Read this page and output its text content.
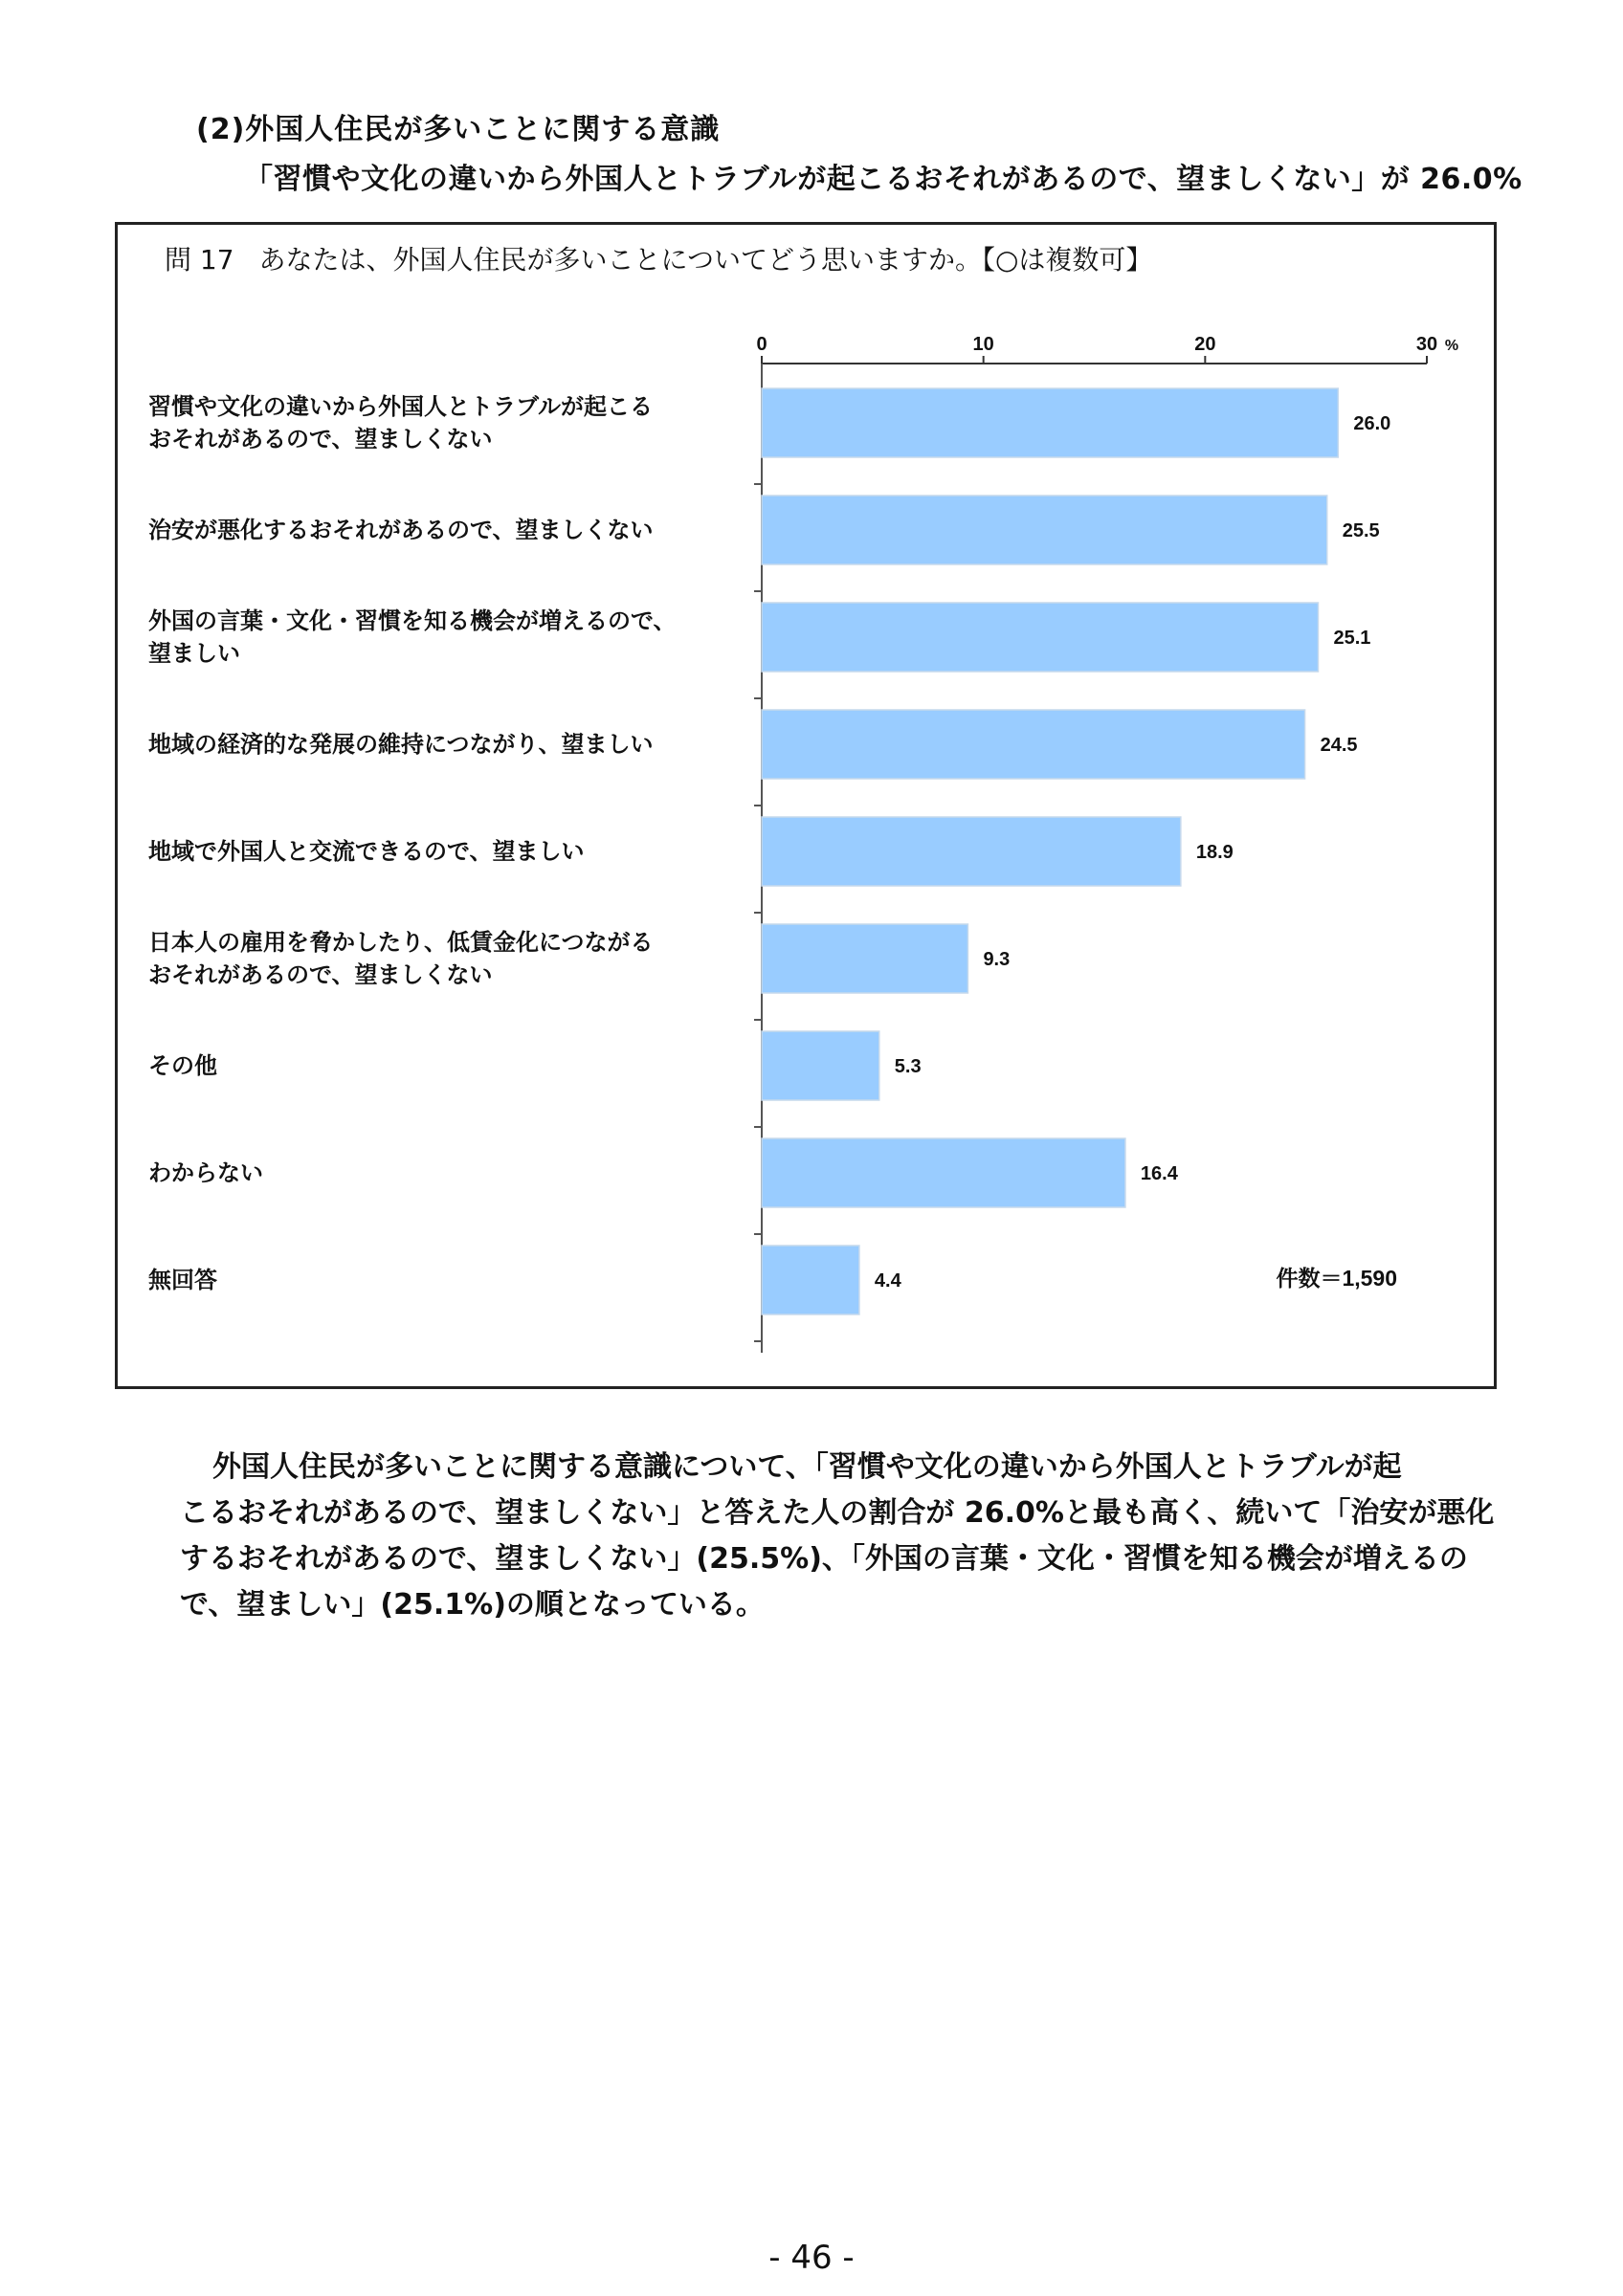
(2)外国人住民が多いことに関する意識
「習慣や文化の違いから外国人とトラブルが起こるおそれがあるので、望ましくない」が 26.0%
問 17 あなたは、外国人住民が多いことについてどう思いますか。【○は複数可】
習慣や文化の違いから外国人とトラブルが起こる
おそれがあるので、望ましくない
治安が悪化するおそれがあるので、望ましくない
外国の言葉・文化・習慣を知る機会が増えるので、
望ましい
地域の経済的な発展の維持につながり、望ましい
地域で外国人と交流できるので、望ましい
日本人の雇用を脅かしたり、低賃金化につながる
おそれがあるので、望ましくない
その他
わからない
無回答
0	10	20	30 %
26.0
25.5
25.1
24.5
18.9
9.3
5.3
16.4
4.4	件数＝1,590
外国人住民が多いことに関する意識について、「習慣や文化の違いから外国人とトラブルが起
こるおそれがあるので、望ましくない」と答えた人の割合が 26.0%と最も高く、続いて「治安が悪化
するおそれがあるので、望ましくない」(25.5%)、「外国の言葉・文化・習慣を知る機会が増えるの
で、望ましい」(25.1%)の順となっている。
- 46 -
